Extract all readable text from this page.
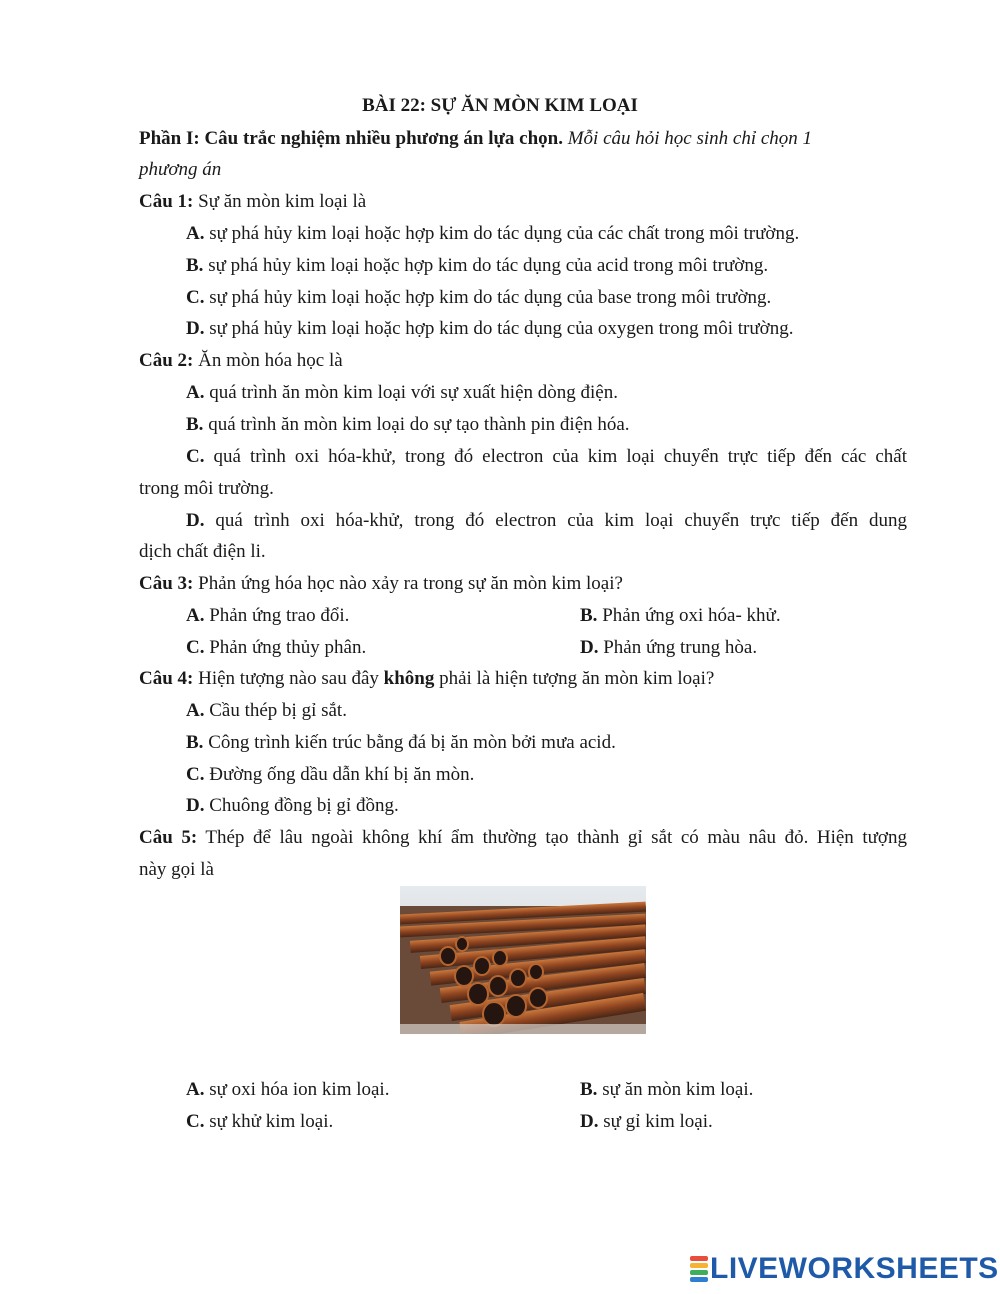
BÀI 22: SỰ ĂN MÒN KIM LOẠI
Phần I: Câu trắc nghiệm nhiều phương án lựa chọn. Mỗi câu hỏi học sinh chỉ chọn 1
phương án
Câu 1: Sự ăn mòn kim loại là
A. sự phá hủy kim loại hoặc hợp kim do tác dụng của các chất trong môi trường.
B. sự phá hủy kim loại hoặc hợp kim do tác dụng của acid trong môi trường.
C. sự phá hủy kim loại hoặc hợp kim do tác dụng của base trong môi trường.
D. sự phá hủy kim loại hoặc hợp kim do tác dụng của oxygen trong môi trường.
Câu 2: Ăn mòn hóa học là
A. quá trình ăn mòn kim loại với sự xuất hiện dòng điện.
B. quá trình ăn mòn kim loại do sự tạo thành pin điện hóa.
C. quá trình oxi hóa-khử, trong đó electron của kim loại chuyển trực tiếp đến các chất
trong môi trường.
D. quá trình oxi hóa-khử, trong đó electron của kim loại chuyển trực tiếp đến dung
dịch chất điện li.
Câu 3: Phản ứng hóa học nào xảy ra trong sự ăn mòn kim loại?
A. Phản ứng trao đổi.	B. Phản ứng oxi hóa- khử.
C. Phản ứng thủy phân.	D. Phản ứng trung hòa.
Câu 4: Hiện tượng nào sau đây không phải là hiện tượng ăn mòn kim loại?
A. Cầu thép bị gỉ sắt.
B. Công trình kiến trúc bằng đá bị ăn mòn bởi mưa acid.
C. Đường ống dầu dẫn khí bị ăn mòn.
D. Chuông đồng bị gỉ đồng.
Câu 5: Thép để lâu ngoài không khí ẩm thường tạo thành gỉ sắt có màu nâu đỏ. Hiện tượng
này gọi là
A. sự oxi hóa ion kim loại.	B. sự ăn mòn kim loại.
C. sự khử kim loại.	D. sự gỉ kim loại.
LIVEWORKSHEETS
